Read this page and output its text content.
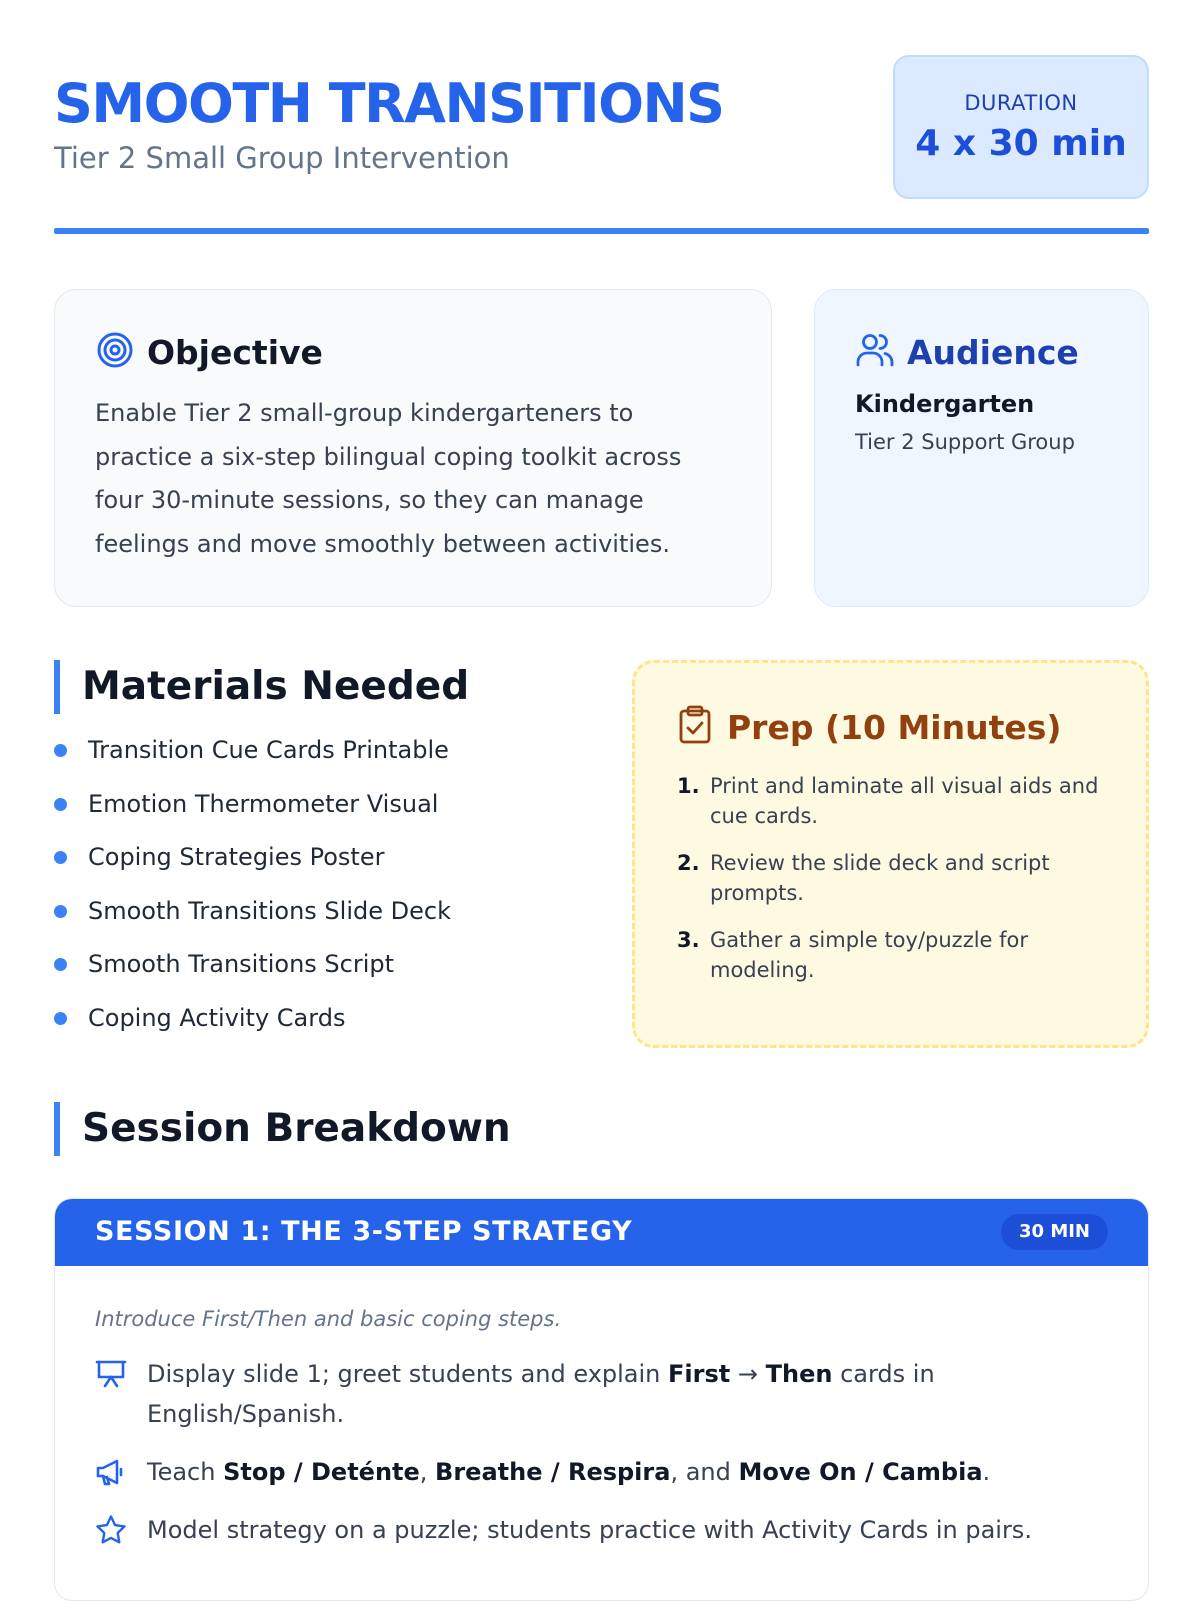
SMOOTH TRANSITIONS
Tier 2 Small Group Intervention
DURATION
4 x 30 min
Objective

Enable Tier 2 small-group kindergarteners to practice a six-step bilingual coping toolkit across four 30-minute sessions, so they can manage feelings and move smoothly between activities.

Audience
Kindergarten
Tier 2 Support Group
Materials Needed
Transition Cue Cards Printable
Emotion Thermometer Visual
Coping Strategies Poster
Smooth Transitions Slide Deck
Smooth Transitions Script
Coping Activity Cards
Prep (10 Minutes)
1. Print and laminate all visual aids and cue cards.
2. Review the slide deck and script prompts.
3. Gather a simple toy/puzzle for modeling.
Session Breakdown
SESSION 1: THE 3-STEP STRATEGY	30 MIN
Introduce First/Then and basic coping steps.
Display slide 1; greet students and explain First → Then cards in English/Spanish.
Teach Stop / Deténte, Breathe / Respira, and Move On / Cambia.
Model strategy on a puzzle; students practice with Activity Cards in pairs.
